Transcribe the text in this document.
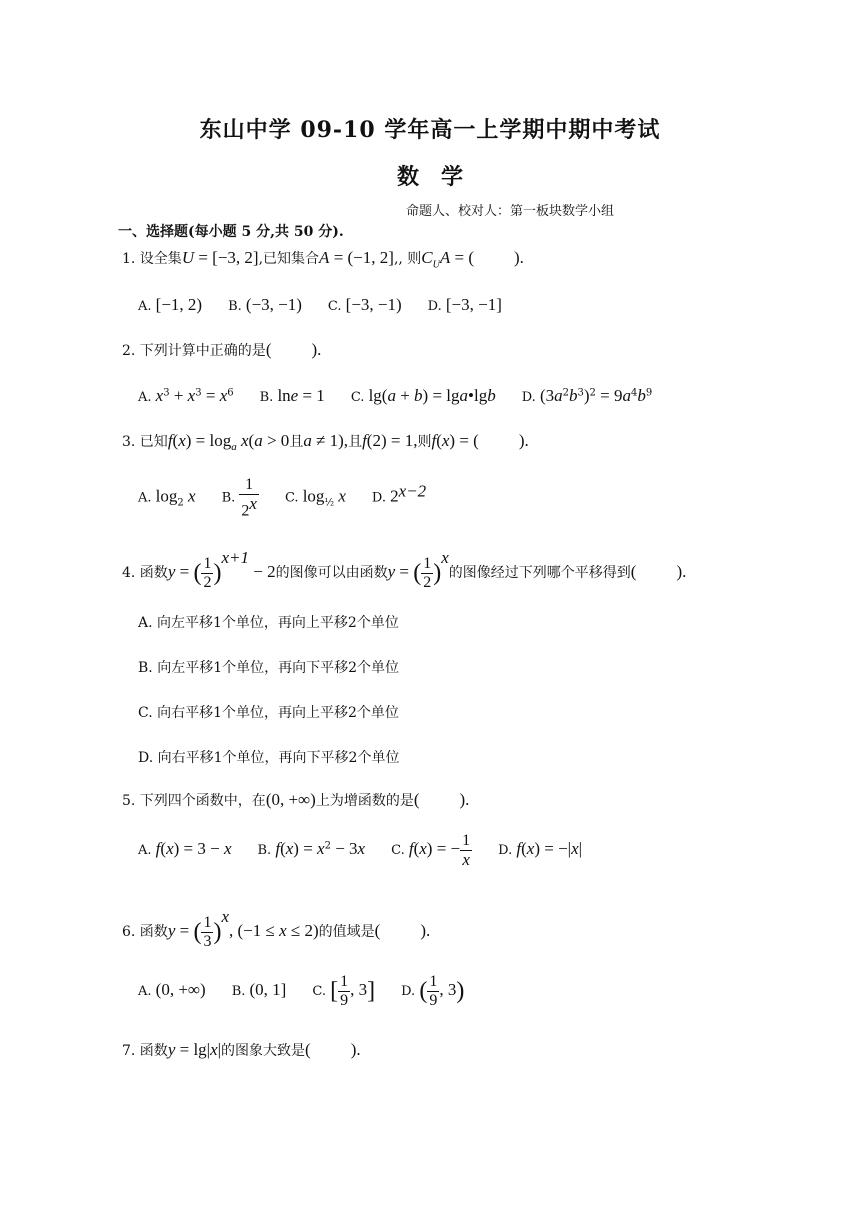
东山中学 09-10 学年高一上学期中期中考试
数学
命题人、校对人：第一板块数学小组
一、选择题(每小题 5 分,共 50 分).
1. 设全集U = [−3, 2],已知集合A = (−1, 2],, 则$C_UA$ = ( ).
A. [−1, 2) B. (−3, −1) C. [−3, −1) D. [−3, −1]
2. 下列计算中正确的是( ).
A. $x^3 + x^3 = x^6$ B. lne = 1 C. lg(a + b) = lga•lgb D. $(3a^2b^3)^2 = 9a^4b^9$
3. 已知$f(x) = \log_a x(a > 0$且a ≠ 1),且f(2) = 1,则f(x) = ( ).
A. $\log_2 x$ B. $\frac{1}{2^x} C$. $\log_{\frac{1}{2}} x$ D. $2^{x-2}$
4. 函数y = ( $\frac{1}{2} )^{x+1} - 2$的图像可以由函数y = ( $\frac{1}{2} )^x$的图像经过下列哪个平移得到( ).
A. 向左平移1个单位，再向上平移2个单位
B. 向左平移1个单位，再向下平移2个单位
C. 向右平移1个单位，再向上平移2个单位
D. 向右平移1个单位，再向下平移2个单位
5. 下列四个函数中，在(0, +∞)上为增函数的是( ).
A. f(x) = 3 − x B. $f(x) = x^2 - 3x$ C. f(x) = − $\frac{1}{x} D$. f(x) = −|x|
6. 函数y = ( $\frac{1}{3} )^x$, (−1 ≤ x ≤ 2)的值域是( ).
A. (0, +∞) B. (0, 1] C. [ $\frac{1}{9}$ , 3] D. ( $\frac{1}{9}$ , 3)
7. 函数y = lg|x|的图象大致是( ).
